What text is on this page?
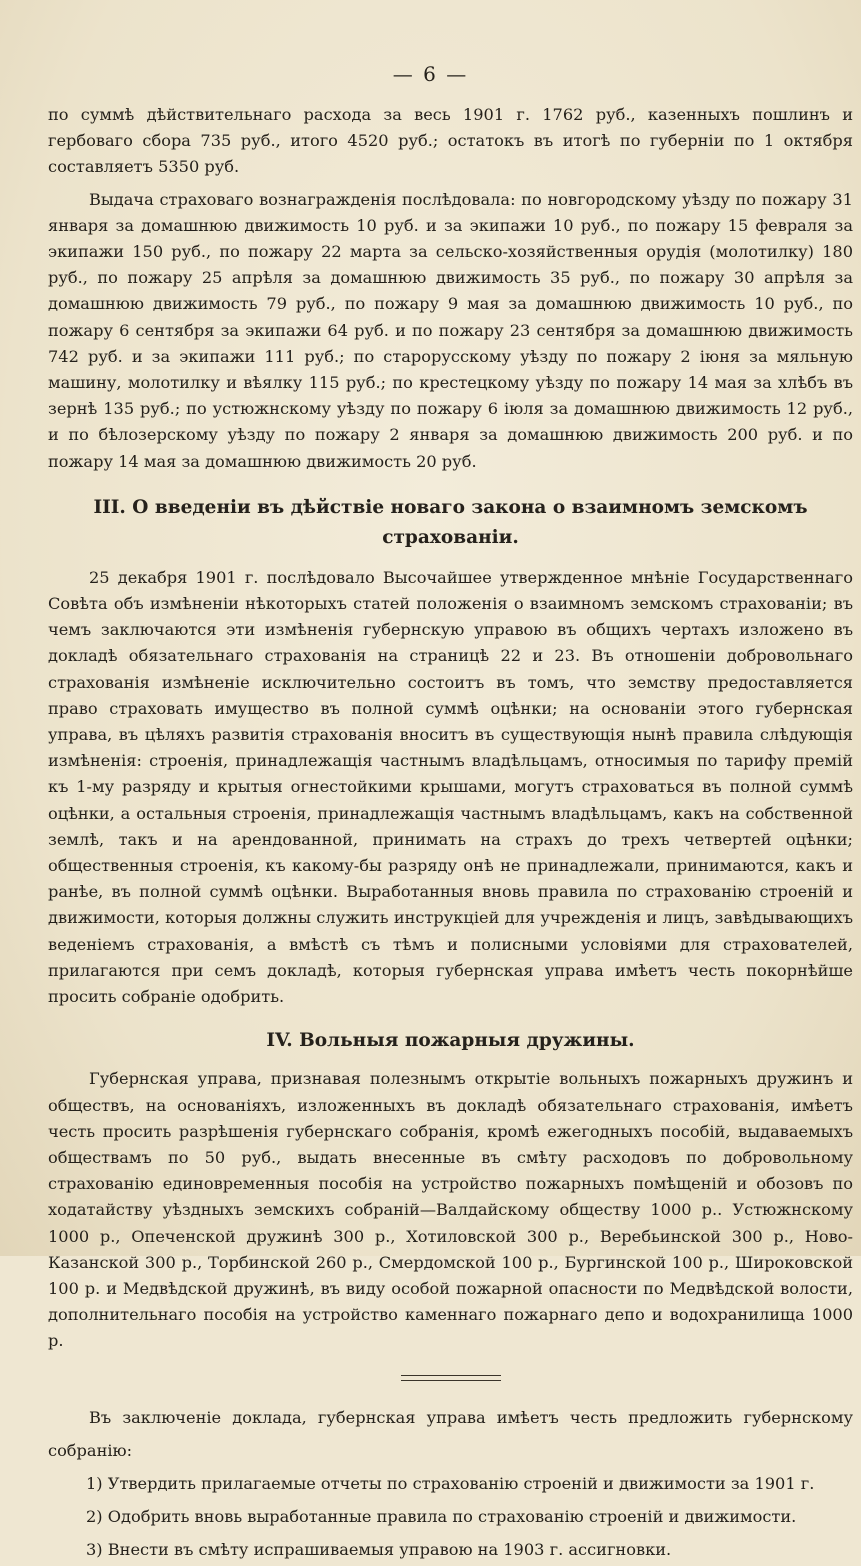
— 6 —

по суммѣ дѣйствительнаго расхода за весь 1901 г. 1762 руб., казенныхъ пошлинъ и гербоваго сбора 735 руб., итого 4520 руб.; остатокъ въ итогѣ по губерніи по 1 октября составляетъ 5350 руб.

Выдача страховаго вознагражденія послѣдовала: по новгородскому уѣзду по пожару 31 января за домашнюю движимость 10 руб. и за экипажи 10 руб., по пожару 15 февраля за экипажи 150 руб., по пожару 22 марта за сельско-хозяйственныя орудія (молотилку) 180 руб., по пожару 25 апрѣля за домашнюю движимость 35 руб., по пожару 30 апрѣля за домашнюю движимость 79 руб., по пожару 9 мая за домашнюю движимость 10 руб., по пожару 6 сентября за экипажи 64 руб. и по пожару 23 сентября за домашнюю движимость 742 руб. и за экипажи 111 руб.; по старорусскому уѣзду по пожару 2 іюня за мяльную машину, молотилку и вѣялку 115 руб.; по крестецкому уѣзду по пожару 14 мая за хлѣбъ въ зернѣ 135 руб.; по устюжнскому уѣзду по пожару 6 іюля за домашнюю движимость 12 руб., и по бѣлозерскому уѣзду по пожару 2 января за домашнюю движимость 200 руб. и по пожару 14 мая за домашнюю движимость 20 руб.

III. О введеніи въ дѣйствіе новаго закона о взаимномъ земскомъ страхованіи.

25 декабря 1901 г. послѣдовало Высочайшее утвержденное мнѣніе Государственнаго Совѣта объ измѣненіи нѣкоторыхъ статей положенія о взаимномъ земскомъ страхованіи; въ чемъ заключаются эти измѣненія губернскую управою въ общихъ чертахъ изложено въ докладѣ обязательнаго страхованія на страницѣ 22 и 23. Въ отношеніи добровольнаго страхованія измѣненіе исключительно состоитъ въ томъ, что земству предоставляется право страховать имущество въ полной суммѣ оцѣнки; на основаніи этого губернская управа, въ цѣляхъ развитія страхованія вноситъ въ существующія нынѣ правила слѣдующія измѣненія: строенія, принадлежащія частнымъ владѣльцамъ, относимыя по тарифу премій къ 1-му разряду и крытыя огнестойкими крышами, могутъ страховаться въ полной суммѣ оцѣнки, а остальныя строенія, принадлежащія частнымъ владѣльцамъ, какъ на собственной землѣ, такъ и на арендованной, принимать на страхъ до трехъ четвертей оцѣнки; общественныя строенія, къ какому-бы разряду онѣ не принадлежали, принимаются, какъ и ранѣе, въ полной суммѣ оцѣнки. Выработанныя вновь правила по страхованію строеній и движимости, которыя должны служить инструкціей для учрежденія и лицъ, завѣдывающихъ веденіемъ страхованія, а вмѣстѣ съ тѣмъ и полисными условіями для страхователей, прилагаются при семъ докладѣ, которыя губернская управа имѣетъ честь покорнѣйше просить собраніе одобрить.

IV. Вольныя пожарныя дружины.

Губернская управа, признавая полезнымъ открытіе вольныхъ пожарныхъ дружинъ и обществъ, на основаніяхъ, изложенныхъ въ докладѣ обязательнаго страхованія, имѣетъ честь просить разрѣшенія губернскаго собранія, кромѣ ежегодныхъ пособій, выдаваемыхъ обществамъ по 50 руб., выдать внесенные въ смѣту расходовъ по добровольному страхованію единовременныя пособія на устройство пожарныхъ помѣщеній и обозовъ по ходатайству уѣздныхъ земскихъ собраній—Валдайскому обществу 1000 р.. Устюжнскому 1000 р., Опеченской дружинѣ 300 р., Хотиловской 300 р., Веребьинской 300 р., Ново-Казанской 300 р., Торбинской 260 р., Смердомской 100 р., Бургинской 100 р., Широковской 100 р. и Медвѣдской дружинѣ, въ виду особой пожарной опасности по Медвѣдской волости, дополнительнаго пособія на устройство каменнаго пожарнаго депо и водохранилища 1000 р.

Въ заключеніе доклада, губернская управа имѣетъ честь предложить губернскому собранію:

1) Утвердить прилагаемые отчеты по страхованію строеній и движимости за 1901 г.

2) Одобрить вновь выработанные правила по страхованію строеній и движимости.

3) Внести въ смѣту испрашиваемыя управою на 1903 г. ассигновки.
